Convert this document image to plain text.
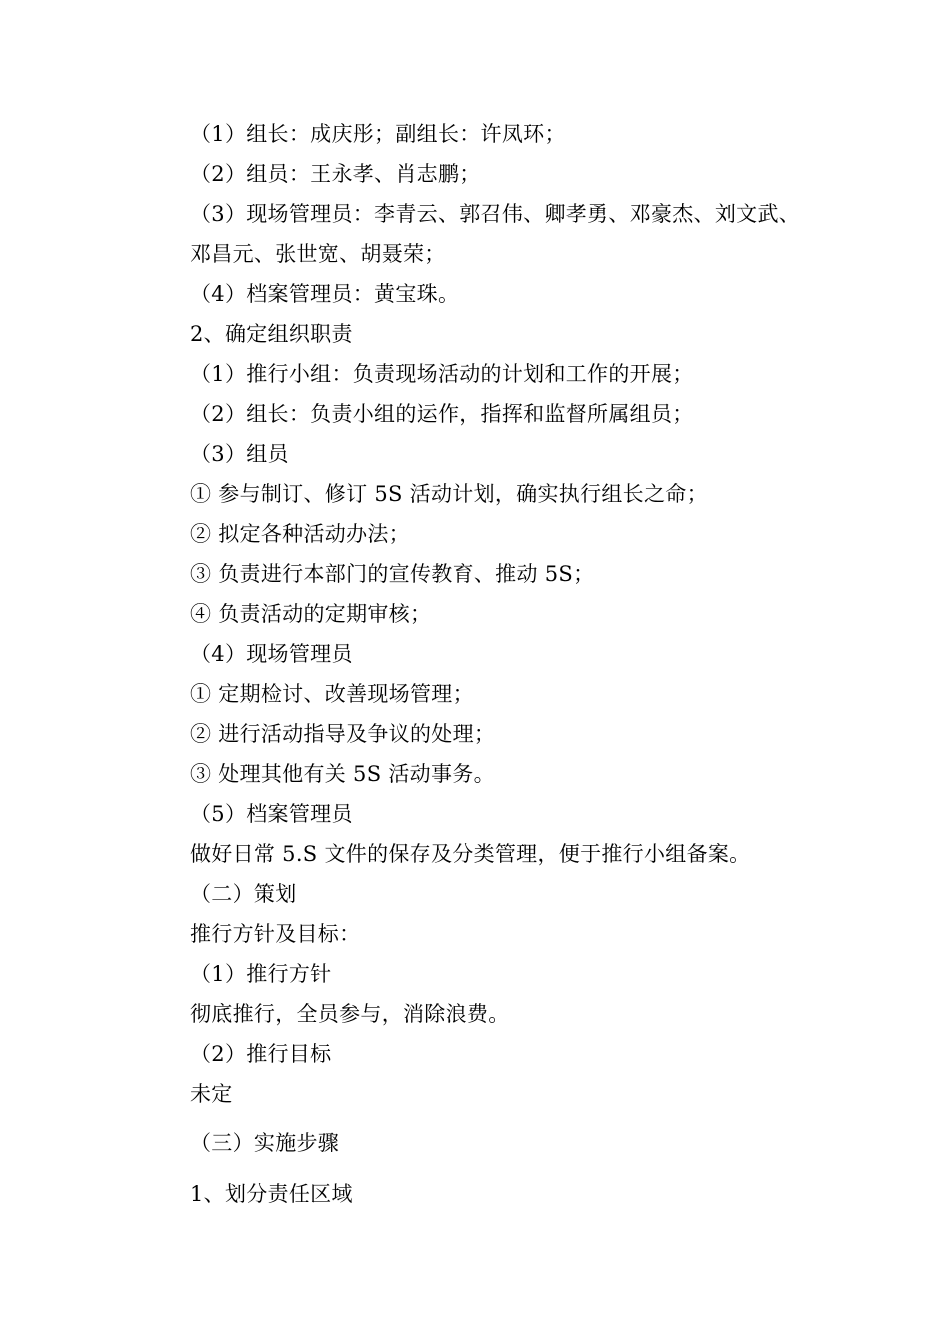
（1）组长：成庆彤；副组长：许凤环；
（2）组员：王永孝、肖志鹏；
（3）现场管理员：李青云、郭召伟、卿孝勇、邓豪杰、刘文武、
邓昌元、张世宽、胡聂荣；
（4）档案管理员：黄宝珠。
2、确定组织职责
（1）推行小组：负责现场活动的计划和工作的开展；
（2）组长：负责小组的运作，指挥和监督所属组员；
（3）组员
① 参与制订、修订 5S 活动计划，确实执行组长之命；
② 拟定各种活动办法；
③ 负责进行本部门的宣传教育、推动 5S；
④ 负责活动的定期审核；
（4）现场管理员
① 定期检讨、改善现场管理；
② 进行活动指导及争议的处理；
③ 处理其他有关 5S 活动事务。
（5）档案管理员
做好日常 5.S 文件的保存及分类管理，便于推行小组备案。
（二）策划
推行方针及目标：
（1）推行方针
彻底推行，全员参与，消除浪费。
（2）推行目标
未定
（三）实施步骤
1、划分责任区域
